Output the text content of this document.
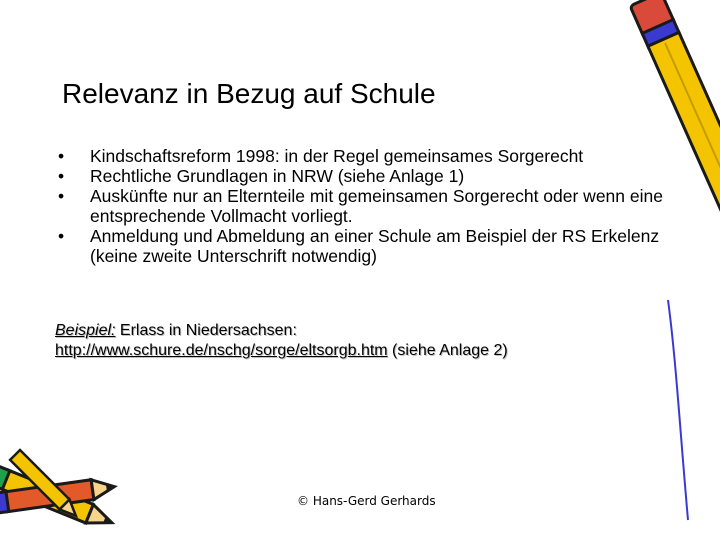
Relevanz in Bezug auf Schule
• Kindschaftsreform 1998: in der Regel gemeinsames Sorgerecht
• Rechtliche Grundlagen in NRW (siehe Anlage 1)
• Auskünfte nur an Elternteile mit gemeinsamen Sorgerecht oder wenn eine entsprechende Vollmacht vorliegt.
• Anmeldung und Abmeldung an einer Schule am Beispiel der RS Erkelenz (keine zweite Unterschrift notwendig)
Beispiel: Erlass in Niedersachsen:
http://www.schure.de/nschg/sorge/eltsorgb.htm (siehe Anlage 2)
© Hans-Gerd Gerhards
